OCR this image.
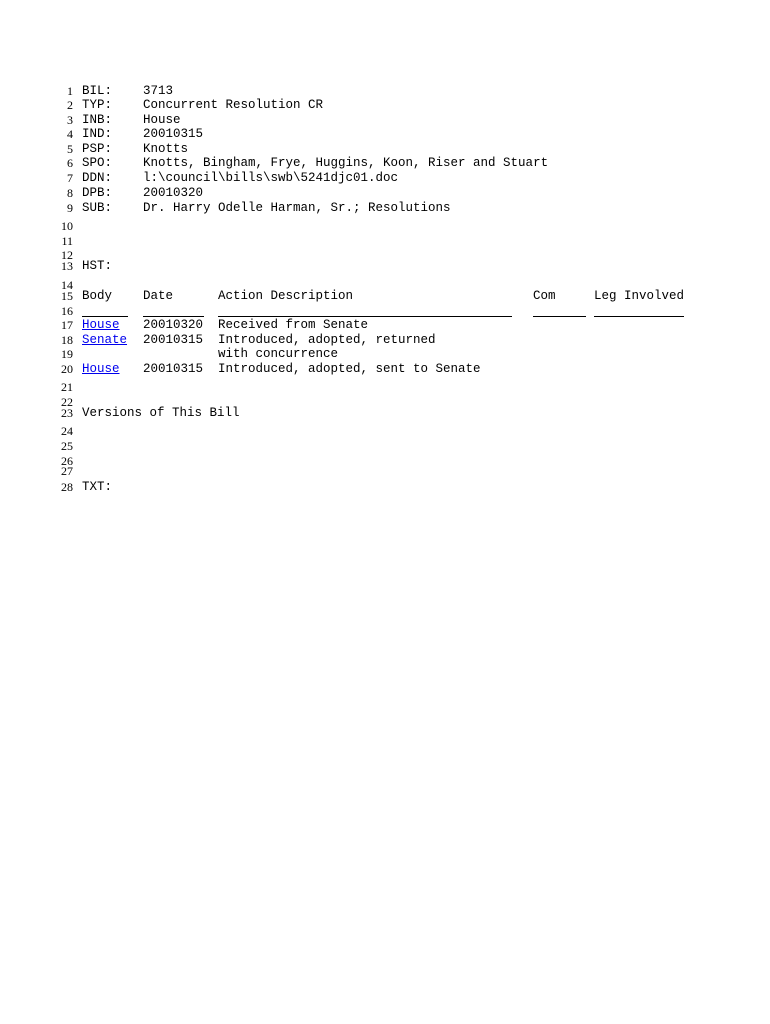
1
2
3
4
5
6
7
8
9
10
11
12
13
14
15
16
17
18
19
20
21
22
23
24
25
26
27
28
BIL: 3713
TYP: Concurrent Resolution CR
INB: House
IND: 20010315
PSP: Knotts
SPO: Knotts, Bingham, Frye, Huggins, Koon, Riser and Stuart
DDN: l:\council\bills\swb\5241djc01.doc
DPB: 20010320
SUB: Dr. Harry Odelle Harman, Sr.; Resolutions
HST:
Body Date	Action Description	Com	Leg Involved
House 20010320 Received from Senate
Senate 20010315 Introduced, adopted, returned
with concurrence
House 20010315 Introduced, adopted, sent to Senate
Versions of This Bill
TXT:
